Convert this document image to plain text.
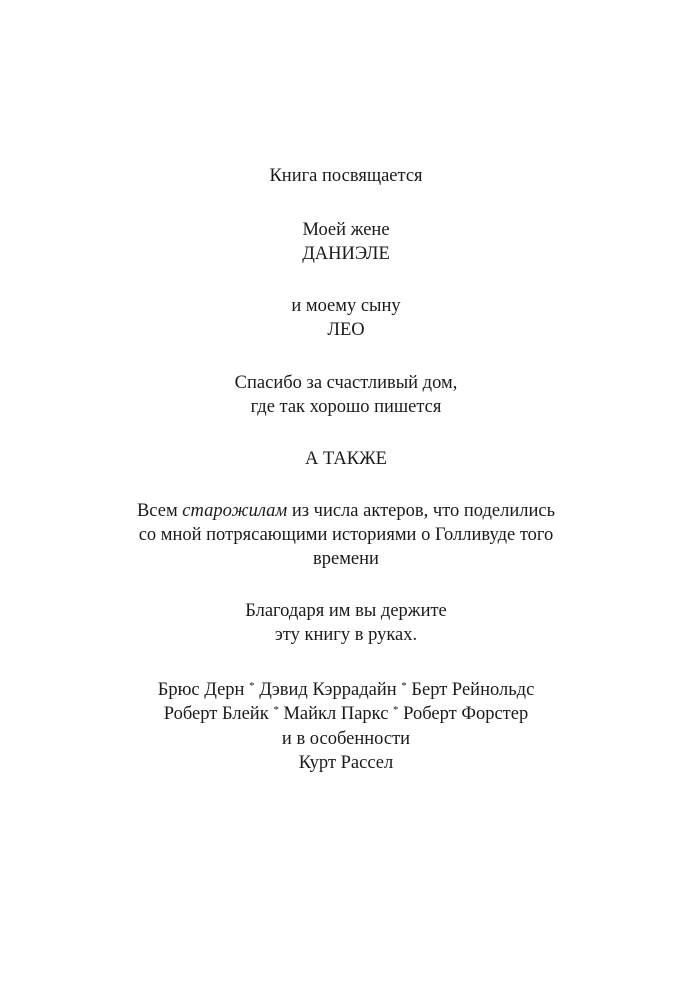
Книга посвящается
Моей жене
ДАНИЭЛЕ
и моему сыну
ЛЕО
Спасибо за счастливый дом,
где так хорошо пишется
А ТАКЖЕ
Всем старожилам из числа актеров, что поделились
со мной потрясающими историями о Голливуде того
времени
Благодаря им вы держите
эту книгу в руках.
Брюс Дерн * Дэвид Кэррадайн * Берт Рейнольдс
Роберт Блейк * Майкл Паркс * Роберт Форстер
и в особенности
Курт Рассел
